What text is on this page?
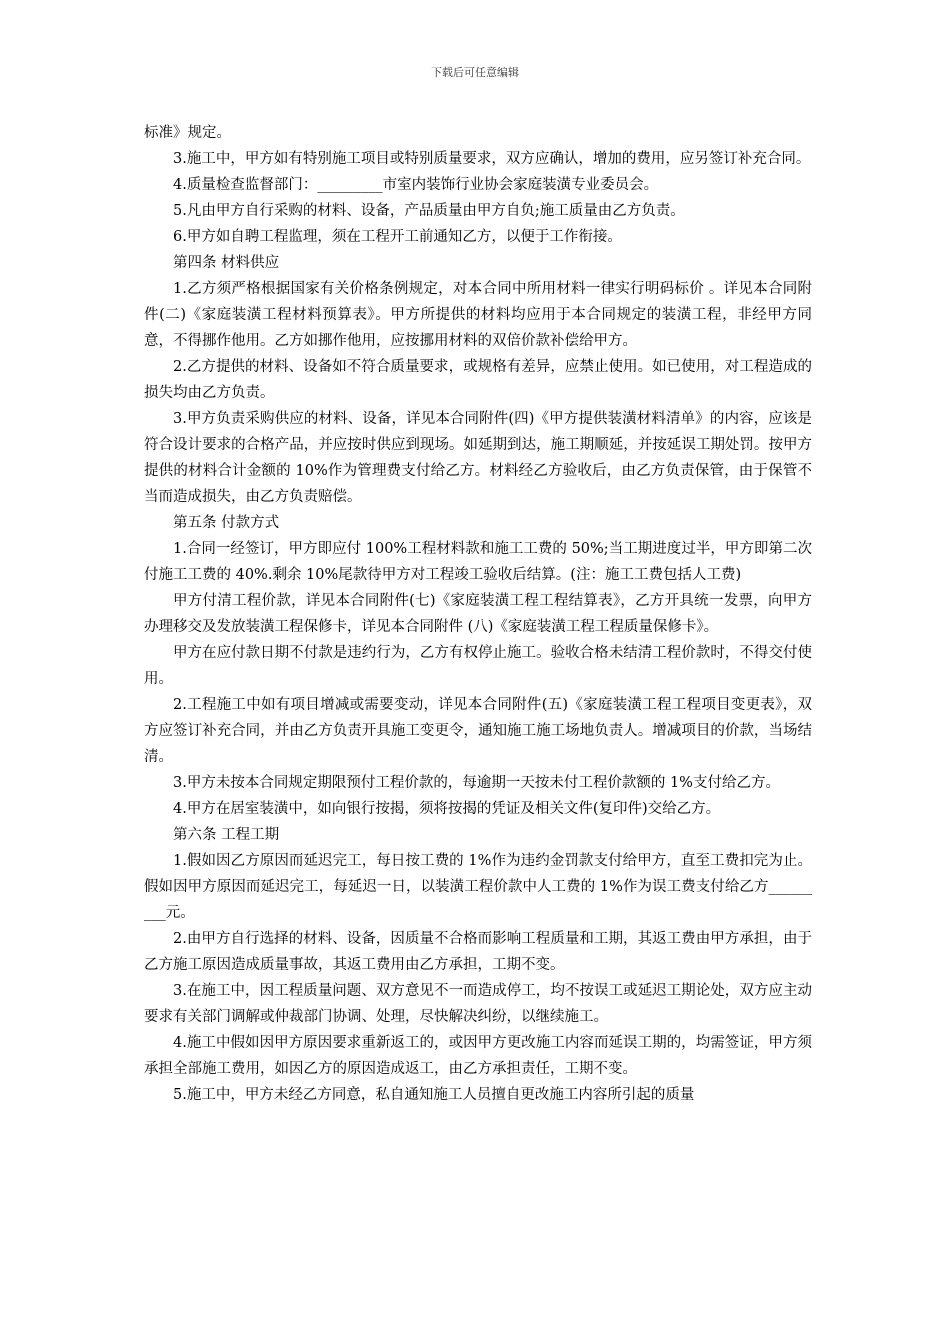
下载后可任意编辑

标准》规定。

3.施工中，甲方如有特别施工项目或特别质量要求，双方应确认，增加的费用，应另签订补充合同。

4.质量检查监督部门：_________市室内装饰行业协会家庭装潢专业委员会。

5.凡由甲方自行采购的材料、设备，产品质量由甲方自负;施工质量由乙方负责。

6.甲方如自聘工程监理，须在工程开工前通知乙方，以便于工作衔接。

第四条 材料供应

1.乙方须严格根据国家有关价格条例规定，对本合同中所用材料一律实行明码标价 。详见本合同附件(二)《家庭装潢工程材料预算表》。甲方所提供的材料均应用于本合同规定的装潢工程，非经甲方同意，不得挪作他用。乙方如挪作他用，应按挪用材料的双倍价款补偿给甲方。

2.乙方提供的材料、设备如不符合质量要求，或规格有差异，应禁止使用。如已使用，对工程造成的损失均由乙方负责。

3.甲方负责采购供应的材料、设备，详见本合同附件(四)《甲方提供装潢材料清单》的内容，应该是符合设计要求的合格产品，并应按时供应到现场。如延期到达，施工期顺延，并按延误工期处罚。按甲方提供的材料合计金额的 10%作为管理费支付给乙方。材料经乙方验收后，由乙方负责保管，由于保管不当而造成损失，由乙方负责赔偿。

第五条 付款方式

1.合同一经签订，甲方即应付 100%工程材料款和施工工费的 50%;当工期进度过半，甲方即第二次付施工工费的 40%.剩余 10%尾款待甲方对工程竣工验收后结算。(注：施工工费包括人工费)

甲方付清工程价款，详见本合同附件(七)《家庭装潢工程工程结算表》，乙方开具统一发票，向甲方办理移交及发放装潢工程保修卡，详见本合同附件 (八)《家庭装潢工程工程质量保修卡》。

甲方在应付款日期不付款是违约行为，乙方有权停止施工。验收合格未结清工程价款时，不得交付使用。

2.工程施工中如有项目增减或需要变动，详见本合同附件(五)《家庭装潢工程工程项目变更表》，双方应签订补充合同，并由乙方负责开具施工变更令，通知施工施工场地负责人。增减项目的价款，当场结清。

3.甲方未按本合同规定期限预付工程价款的，每逾期一天按未付工程价款额的 1%支付给乙方。

4.甲方在居室装潢中，如向银行按揭，须将按揭的凭证及相关文件(复印件)交给乙方。

第六条 工程工期

1.假如因乙方原因而延迟完工，每日按工费的 1%作为违约金罚款支付给甲方，直至工费扣完为止。假如因甲方原因而延迟完工，每延迟一日，以装潢工程价款中人工费的 1%作为误工费支付给乙方_________元。

2.由甲方自行选择的材料、设备，因质量不合格而影响工程质量和工期，其返工费由甲方承担，由于乙方施工原因造成质量事故，其返工费用由乙方承担，工期不变。

3.在施工中，因工程质量问题、双方意见不一而造成停工，均不按误工或延迟工期论处，双方应主动要求有关部门调解或仲裁部门协调、处理，尽快解决纠纷，以继续施工。

4.施工中假如因甲方原因要求重新返工的，或因甲方更改施工内容而延误工期的，均需签证，甲方须承担全部施工费用，如因乙方的原因造成返工，由乙方承担责任，工期不变。

5.施工中，甲方未经乙方同意，私自通知施工人员擅自更改施工内容所引起的质量
